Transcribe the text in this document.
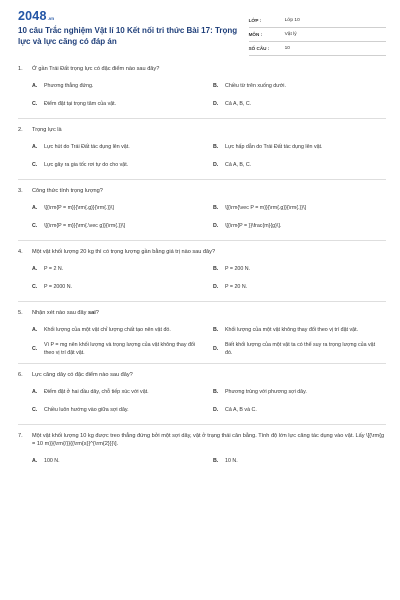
2048 .vn
10 câu Trắc nghiệm Vật lí 10 Kết nối tri thức Bài 17: Trọng lực và lực căng có đáp án
LỚP :	Lớp 10
MÔN :	Vật lý
SỐ CÂU :	10
1.	Ở gần Trái Đất trọng lực có đặc điểm nào sau đây?
A.	Phương thẳng đứng.	B.	Chiều từ trên xuống dưới.
C.	Điểm đặt tại trọng tâm của vật.	D.	Cả A, B, C.
2.	Trọng lực là
A.	Lực hút do Trái Đất tác dụng lên vật.	B.	Lực hấp dẫn do Trái Đất tác dụng lên vật.
C.	Lực gây ra gia tốc rơi tự do cho vật.	D.	Cả A, B, C.
3.	Công thức tính trọng lượng?
A.	\[{\rm{P = m}}{\rm{.g}}{\rm{.}}\]	B.	\[{\rm{\vec P = m}}{\rm{.g}}{\rm{.}}\]
C.	\[{\rm{P = m}}{\rm{.\vec g}}{\rm{.}}\]	D.	\[{\rm{P = }}\frac{m}{g}\].
4.	Một vật khối lượng 20 kg thì có trọng lượng gần bằng giá trị nào sau đây?
A.	P = 2 N.	B.	P = 200 N.
C.	P = 2000 N.	D.	P = 20 N.
5.	Nhận xét nào sau đây sai?
A.	Khối lượng của một vật chỉ lượng chất tạo nên vật đó.	B.	Khối lượng của một vật không thay đổi theo vị trí đặt vật.
C.
Vì P = mg nên khối lượng và trọng lượng của vật không thay đổi theo vị trí đặt vật.
D.
Biết khối lượng của một vật ta có thể suy ra trọng lượng của vật đó.
6.	Lực căng dây có đặc điểm nào sau đây?
A.	Điểm đặt ở hai đầu dây, chỗ tiếp xúc với vật.	B.	Phương trùng với phương sợi dây.
C.	Chiều luôn hướng vào giữa sợi dây.	D.	Cả A, B và C.
7.	Một vật khối lượng 10 kg được treo thẳng đứng bởi một sợi dây, vật ở trạng thái cân bằng. Tính độ lớn lực căng tác dụng vào vật. Lấy \[{\rm{g = 10 m}}{\rm{/}}{{\rm{s}}^{\rm{2}}}\].
A.	100 N.	B.	10 N.
